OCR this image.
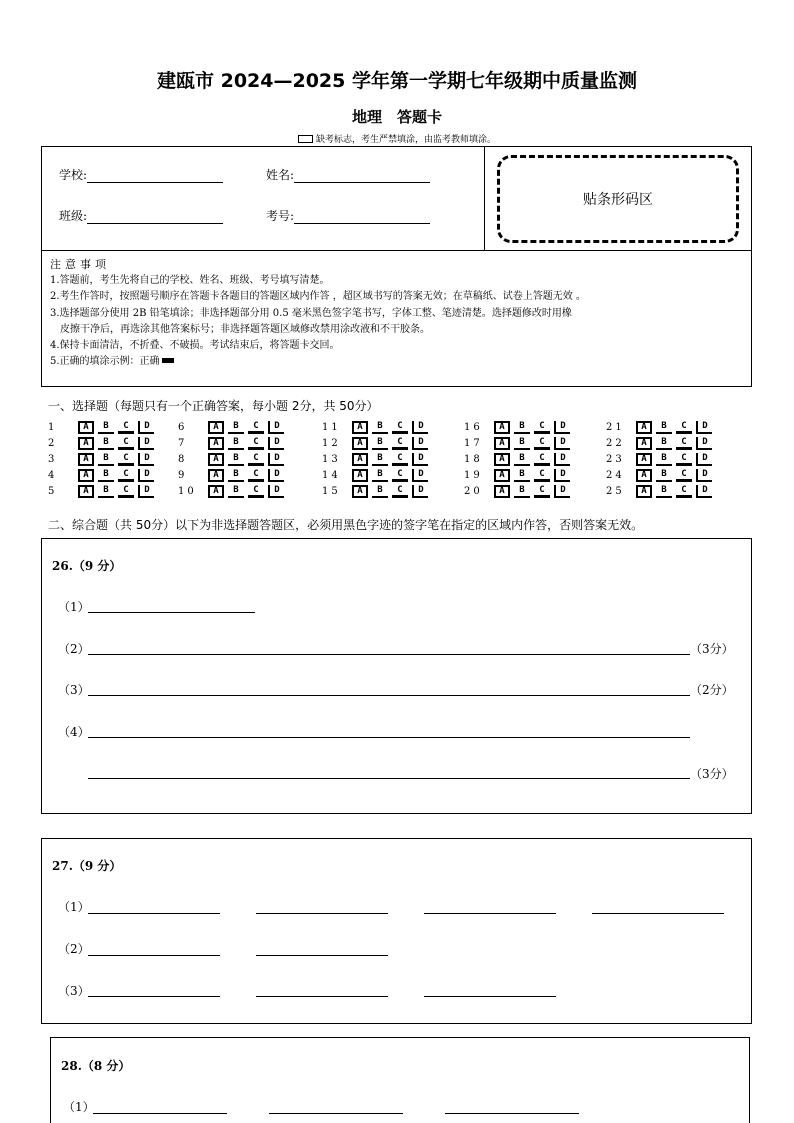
建瓯市 2024—2025 学年第一学期七年级期中质量监测
地理　答题卡
缺考标志，考生严禁填涂，由监考教师填涂。
学校:	姓名:
班级:	考号:
贴条形码区
注意事项
1.答题前，考生先将自己的学校、姓名、班级、考号填写清楚。
2.考生作答时，按照题号顺序在答题卡各题目的答题区域内作答 ，超区域书写的答案无效；在草稿纸、试卷上答题无效 。
3.选择题部分使用 2B 铅笔填涂；非选择题部分用 0.5 毫米黑色签字笔书写，字体工整、笔迹清楚。选择题修改时用橡
皮擦干净后，再选涂其他答案标号；非选择题答题区域修改禁用涂改液和不干胶条。
4.保持卡面清洁，不折叠、不破损。考试结束后，将答题卡交回。
5.正确的填涂示例：正确
一、选择题（每题只有一个正确答案，每小题 2分，共 50分）
1	A	B	C	D
2	A	B	C	D
3	A	B	C	D
4	A	B	C	D
5	A	B	C	D
6	A	B	C	D
7	A	B	C	D
8	A	B	C	D
9	A	B	C	D
10	A	B	C	D
11	A	B	C	D
12	A	B	C	D
13	A	B	C	D
14	A	B	C	D
15	A	B	C	D
16	A	B	C	D
17	A	B	C	D
18	A	B	C	D
19	A	B	C	D
20	A	B	C	D
21	A	B	C	D
22	A	B	C	D
23	A	B	C	D
24	A	B	C	D
25	A	B	C	D
二、综合题（共 50分）以下为非选择题答题区，必须用黑色字迹的签字笔在指定的区域内作答，否则答案无效。
26.（9 分）
（1）
（2）	（3分）
（3）	（2分）
（4）
（3分）
27.（9 分）
（1）
（2）
（3）
28.（8 分）
（1）
